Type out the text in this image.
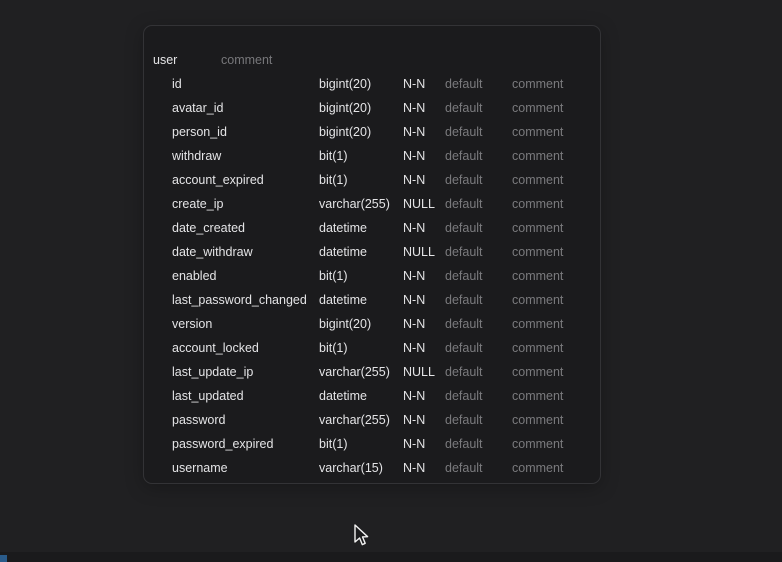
user	comment
id	bigint(20)	N-N	default	comment
avatar_id	bigint(20)	N-N	default	comment
person_id	bigint(20)	N-N	default	comment
withdraw	bit(1)	N-N	default	comment
account_expired	bit(1)	N-N	default	comment
create_ip	varchar(255)	NULL default	comment
date_created	datetime	N-N	default	comment
date_withdraw	datetime	NULL default	comment
enabled	bit(1)	N-N	default	comment
last_password_changed datetime	N-N	default	comment
version	bigint(20)	N-N	default	comment
account_locked	bit(1)	N-N	default	comment
last_update_ip	varchar(255)	NULL default	comment
last_updated	datetime	N-N	default	comment
password	varchar(255)	N-N	default	comment
password_expired	bit(1)	N-N	default	comment
username	varchar(15)	N-N	default	comment
